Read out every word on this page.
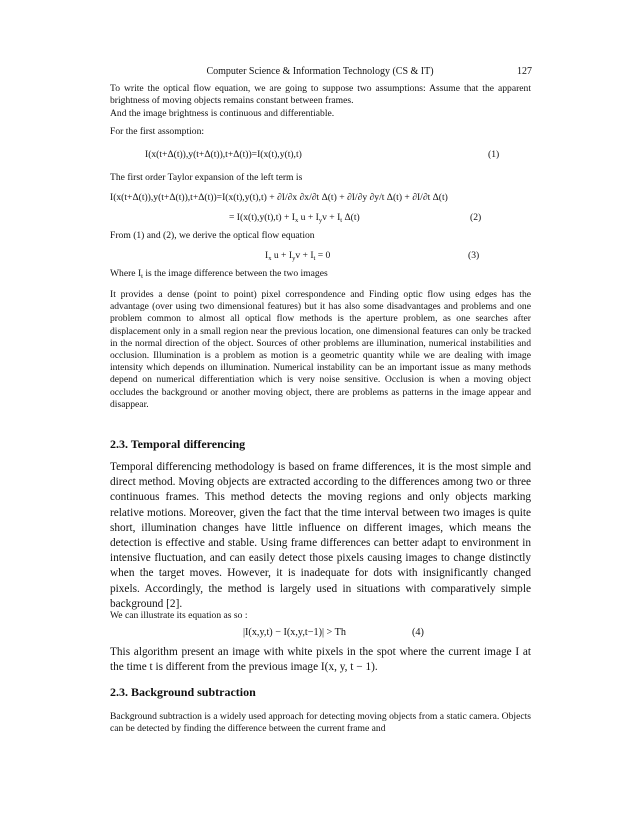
Computer Science & Information Technology (CS & IT)	127

To write the optical flow equation, we are going to suppose two assumptions: Assume that the apparent brightness of moving objects remains constant between frames.

And the image brightness is continuous and differentiable.

For the first assomption:

I(x(t+Δ(t)),y(t+Δ(t)),t+Δ(t))=I(x(t),y(t),t)	(1)

The first order Taylor expansion of the left term is

I(x(t+Δ(t)),y(t+Δ(t)),t+Δ(t))=I(x(t),y(t),t) + ∂I/∂x ∂x/∂t Δ(t) + ∂I/∂y ∂y/t Δ(t) + ∂I/∂t Δ(t)
= $I(x(t),y(t),t) + I_x$ $u + I_yv + I_t$ Δ(t)	(2)

From (1) and (2), we derive the optical flow equation

$I_x$ $u + I_yv + I_t = 0$	(3)

Where $I_t$ is the image difference between the two images

It provides a dense (point to point) pixel correspondence and Finding optic flow using edges has the advantage (over using two dimensional features) but it has also some disadvantages and problems and one problem common to almost all optical flow methods is the aperture problem, as one searches after displacement only in a small region near the previous location, one dimensional features can only be tracked in the normal direction of the object. Sources of other problems are illumination, numerical instabilities and occlusion. Illumination is a problem as motion is a geometric quantity while we are dealing with image intensity which depends on illumination. Numerical instability can be an important issue as many methods depend on numerical differentiation which is very noise sensitive. Occlusion is when a moving object occludes the background or another moving object, there are problems as patterns in the image appear and disappear.

2.3. Temporal differencing

Temporal differencing methodology is based on frame differences, it is the most simple and direct method. Moving objects are extracted according to the differences among two or three continuous frames. This method detects the moving regions and only objects marking relative motions. Moreover, given the fact that the time interval between two images is quite short, illumination changes have little influence on different images, which means the detection is effective and stable. Using frame differences can better adapt to environment in intensive fluctuation, and can easily detect those pixels causing images to change distinctly when the target moves. However, it is inadequate for dots with insignificantly changed pixels. Accordingly, the method is largely used in situations with comparatively simple background [2].

We can illustrate its equation as so :

|I(x,y,t) − I(x,y,t−1)| > Th	(4)

This algorithm present an image with white pixels in the spot where the current image I at the time t is different from the previous image I(x, y, t − 1).

2.3. Background subtraction

Background subtraction is a widely used approach for detecting moving objects from a static camera. Objects can be detected by finding the difference between the current frame and
